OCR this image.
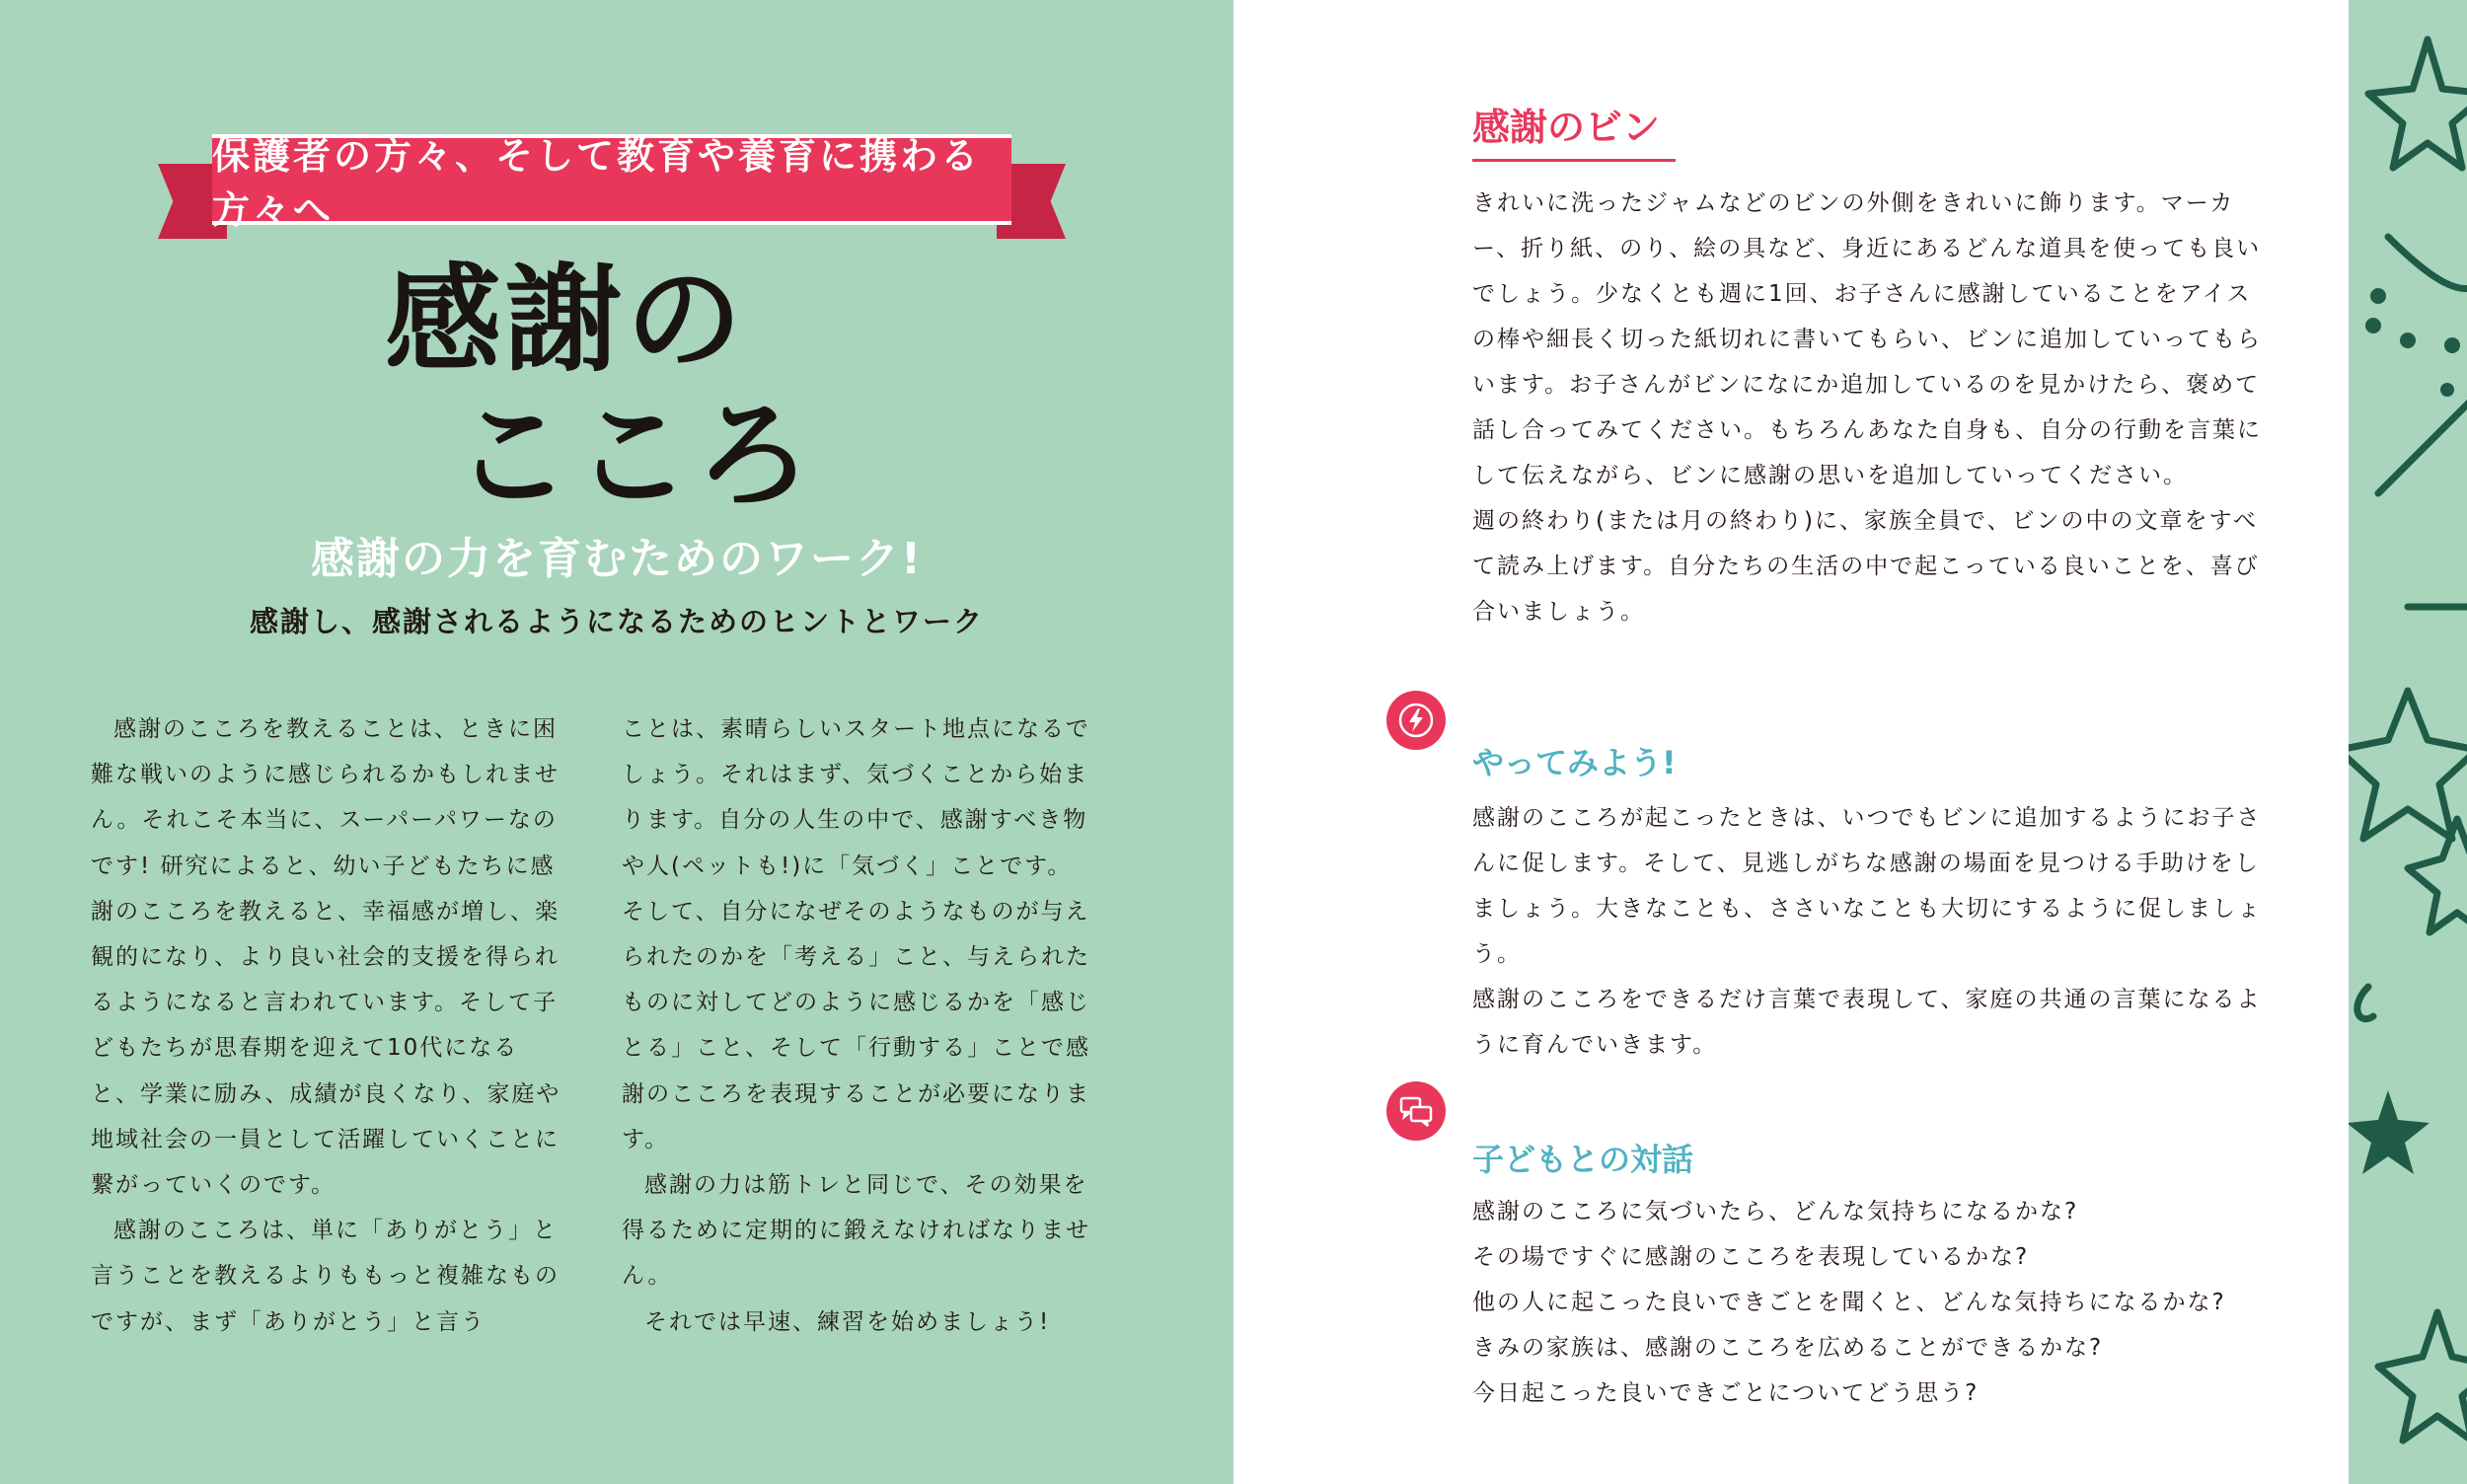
保護者の方々、そして教育や養育に携わる方々へ
感謝の
こころ
感謝の力を育むためのワーク!
感謝し、感謝されるようになるためのヒントとワーク

感謝のこころを教えることは、ときに困難な戦いのように感じられるかもしれません。それこそ本当に、スーパーパワーなのです! 研究によると、幼い子どもたちに感謝のこころを教えると、幸福感が増し、楽観的になり、より良い社会的支援を得られるようになると言われています。そして子どもたちが思春期を迎えて10代になると、学業に励み、成績が良くなり、家庭や地域社会の一員として活躍していくことに繋がっていくのです。

感謝のこころは、単に「ありがとう」と言うことを教えるよりももっと複雑なものですが、まず「ありがとう」と言う

ことは、素晴らしいスタート地点になるでしょう。それはまず、気づくことから始まります。自分の人生の中で、感謝すべき物や人(ペットも!)に「気づく」ことです。そして、自分になぜそのようなものが与えられたのかを「考える」こと、与えられたものに対してどのように感じるかを「感じとる」こと、そして「行動する」ことで感謝のこころを表現することが必要になります。

感謝の力は筋トレと同じで、その効果を得るために定期的に鍛えなければなりません。

それでは早速、練習を始めましょう!

感謝のビン

きれいに洗ったジャムなどのビンの外側をきれいに飾ります。マーカー、折り紙、のり、絵の具など、身近にあるどんな道具を使っても良いでしょう。少なくとも週に1回、お子さんに感謝していることをアイスの棒や細長く切った紙切れに書いてもらい、ビンに追加していってもらいます。お子さんがビンになにか追加しているのを見かけたら、褒めて話し合ってみてください。もちろんあなた自身も、自分の行動を言葉にして伝えながら、ビンに感謝の思いを追加していってください。

週の終わり(または月の終わり)に、家族全員で、ビンの中の文章をすべて読み上げます。自分たちの生活の中で起こっている良いことを、喜び合いましょう。

やってみよう!

感謝のこころが起こったときは、いつでもビンに追加するようにお子さんに促します。そして、見逃しがちな感謝の場面を見つける手助けをしましょう。大きなことも、ささいなことも大切にするように促しましょう。

感謝のこころをできるだけ言葉で表現して、家庭の共通の言葉になるように育んでいきます。

子どもとの対話

感謝のこころに気づいたら、どんな気持ちになるかな?

その場ですぐに感謝のこころを表現しているかな?

他の人に起こった良いできごとを聞くと、どんな気持ちになるかな?

きみの家族は、感謝のこころを広めることができるかな?

今日起こった良いできごとについてどう思う?
